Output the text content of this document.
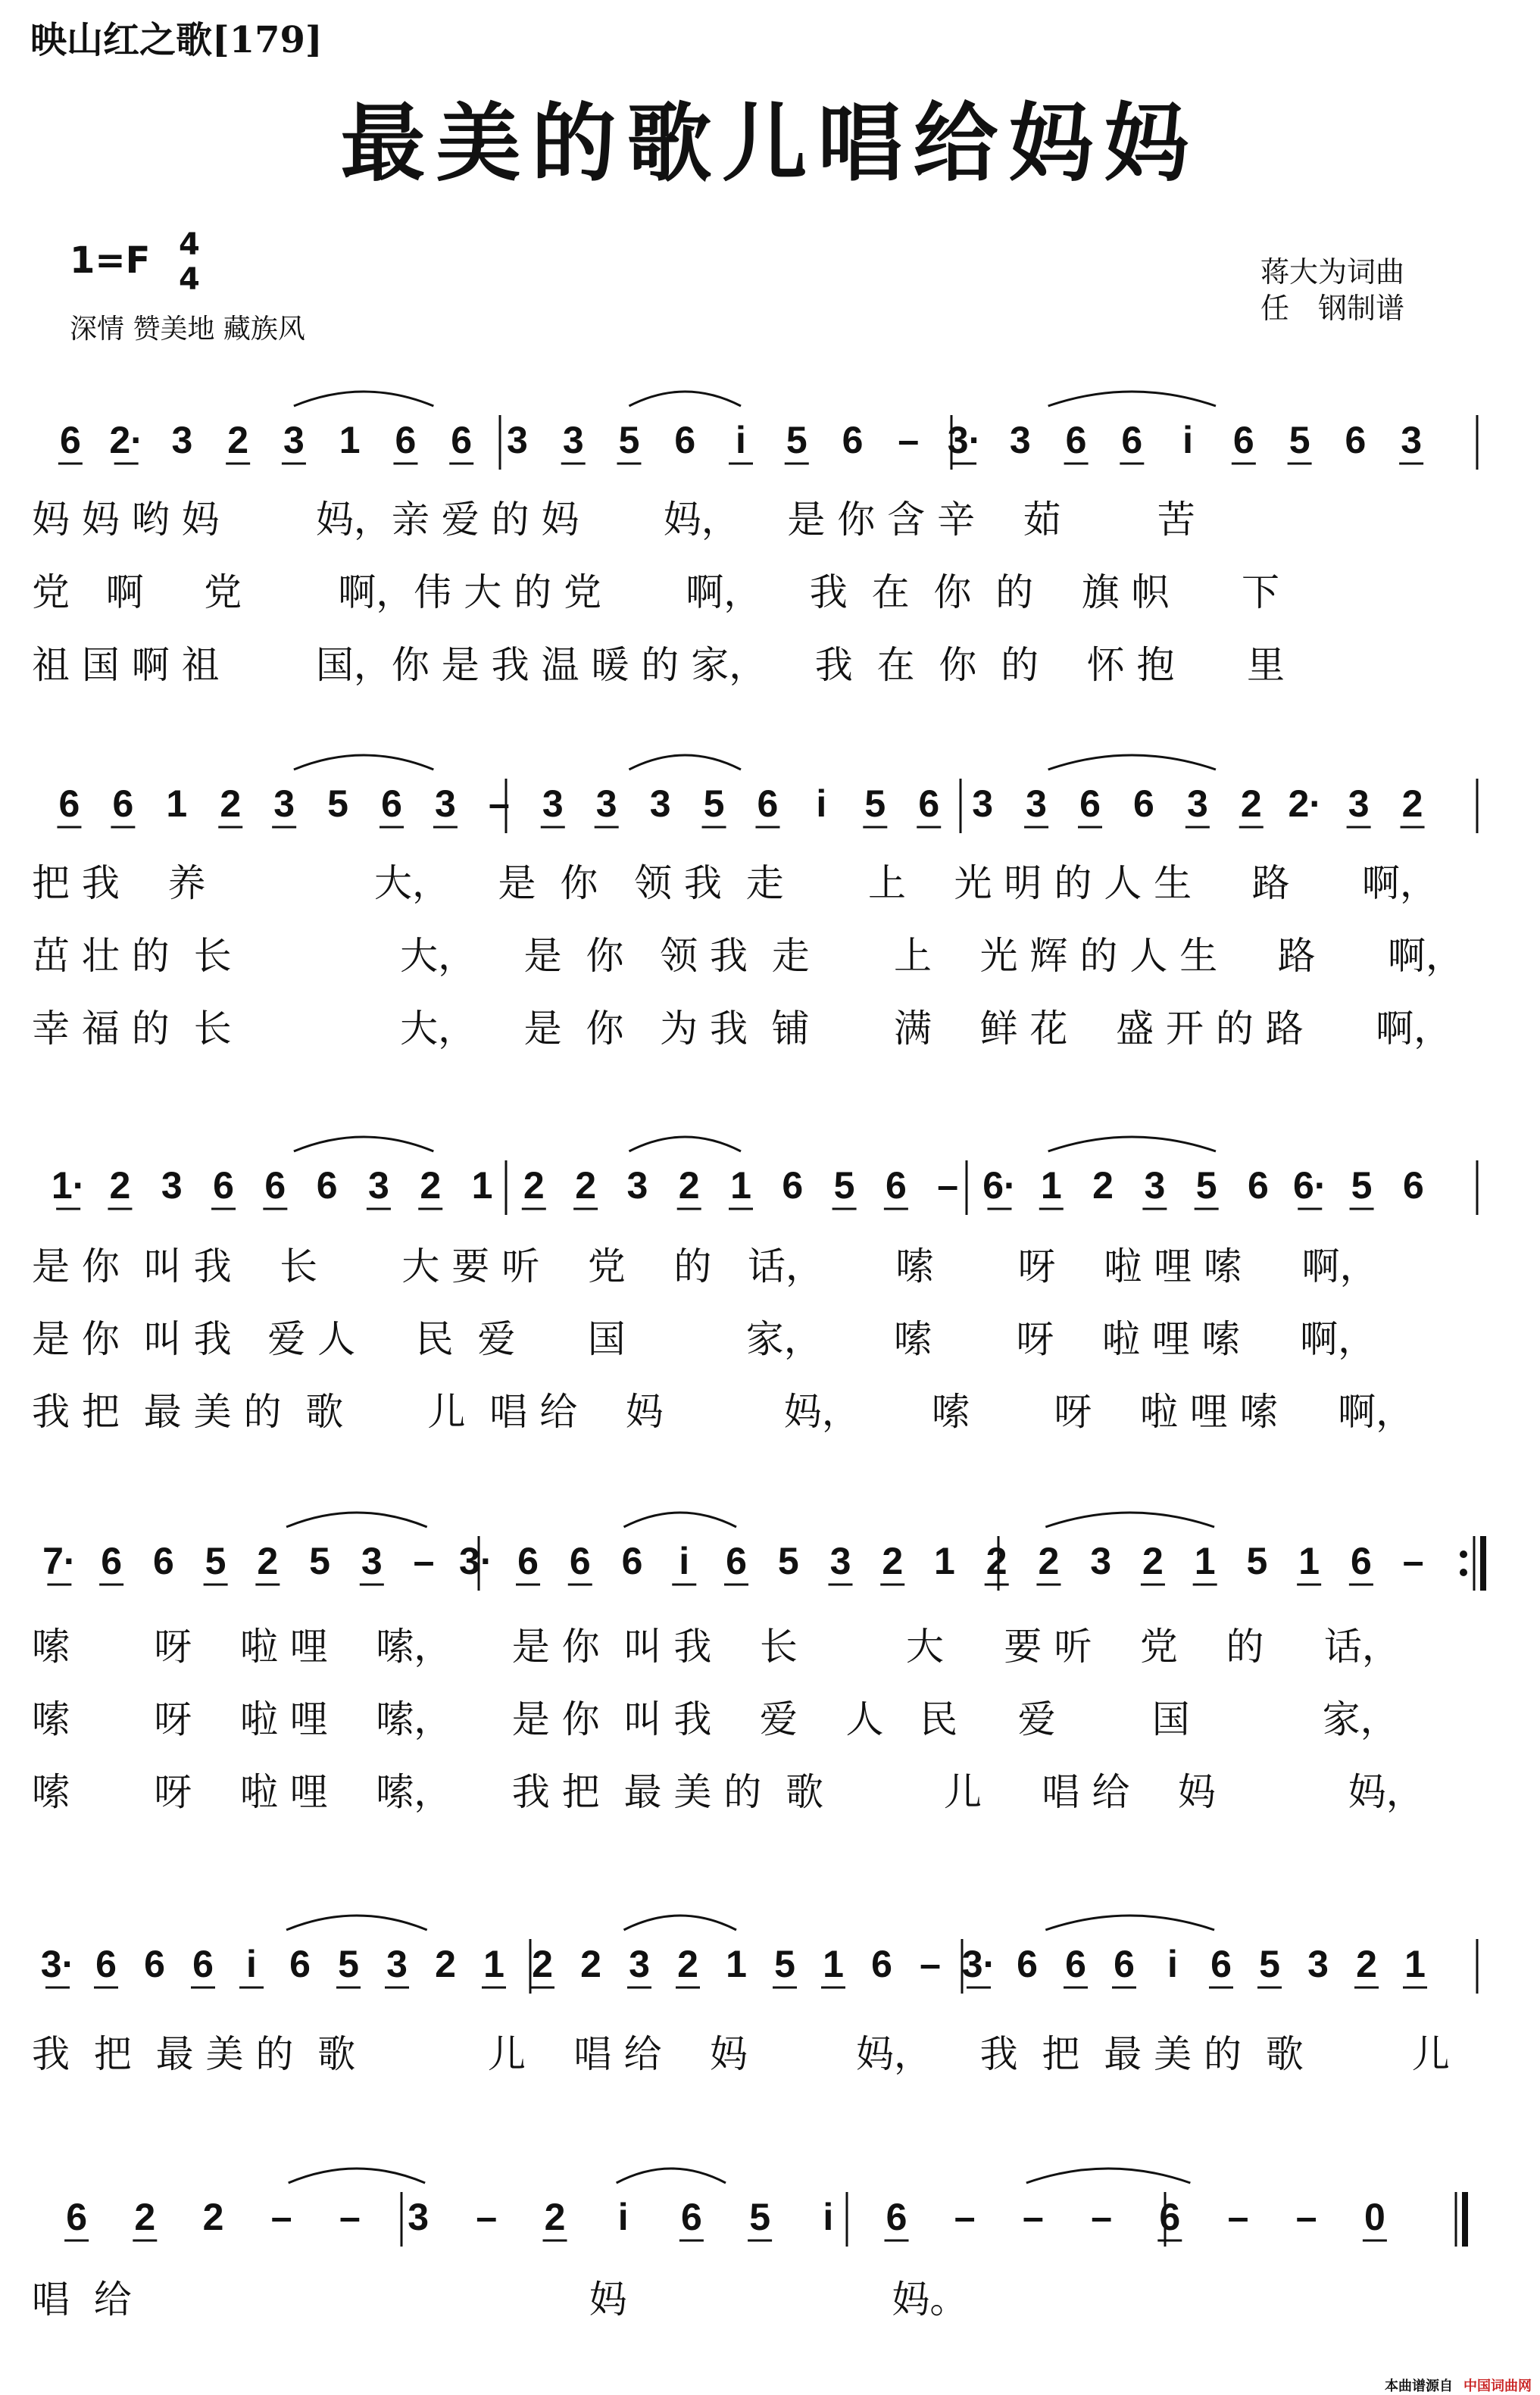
映山红之歌[179]
最美的歌儿唱给妈妈
1=F 4
4
深情 赞美地 藏族风
蒋大为词曲
任　钢制谱
6 2· 3 2 3 1 6 6 3 3 5 6 i 5 6 – 3· 3 6 6 i 6 5 6 3
6 6 1 2 3 5 6 3 – 3 3 3 5 6 i 5 6 3 3 6 6 3 2 2· 3 2
1· 2 3 6 6 6 3 2 1 2 2 3 2 1 6 5 6 – 6· 1 2 3 5 6 6· 5 6
7· 6 6 5 2 5 3 – 3· 6 6 6 i 6 5 3 2 1 2 2 3 2 1 5 1 6 –
3· 6 6 6 i 6 5 3 2 1 2 2 3 2 1 5 1 6 – 3· 6 6 6 i 6 5 3 2 1
6 2 2 – – 3 – 2 i 6 5 i 6 – – – 6 – – 0
妈 妈 哟 妈        妈，亲 爱 的 妈       妈，    是 你 含 辛    茹        苦
党   啊     党        啊，伟 大 的 党       啊，    我  在  你  的    旗 帜      下
祖 国 啊 祖        国，你 是 我 温 暖 的 家，    我  在  你  的    怀 抱      里
把 我    养              大，    是  你   领 我  走       上    光 明 的 人 生     路      啊，
茁 壮 的  长              大，    是  你   领 我  走       上    光 辉 的 人 生     路      啊，
幸 福 的  长              大，    是  你   为 我  铺       满    鲜 花    盛 开 的 路      啊，
是 你  叫 我    长       大 要 听    党    的   话，      嗦       呀    啦 哩 嗦     啊，
是 你  叫 我   爱 人     民  爱      国          家，      嗦       呀    啦 哩 嗦     啊，
我 把  最 美 的  歌       儿  唱 给    妈          妈，      嗦       呀    啦 哩 嗦     啊，
嗦       呀    啦 哩    嗦，     是 你  叫 我    长         大     要 听    党    的     话，
嗦       呀    啦 哩    嗦，     是 你  叫 我    爱    人   民     爱        国           家，
嗦       呀    啦 哩    嗦，     我 把  最 美 的  歌          儿     唱 给    妈           妈，
我  把  最 美 的  歌           儿    唱 给    妈         妈，    我  把  最 美 的  歌         儿
唱  给                                      妈                      妈。
本曲谱源自 中国词曲网
